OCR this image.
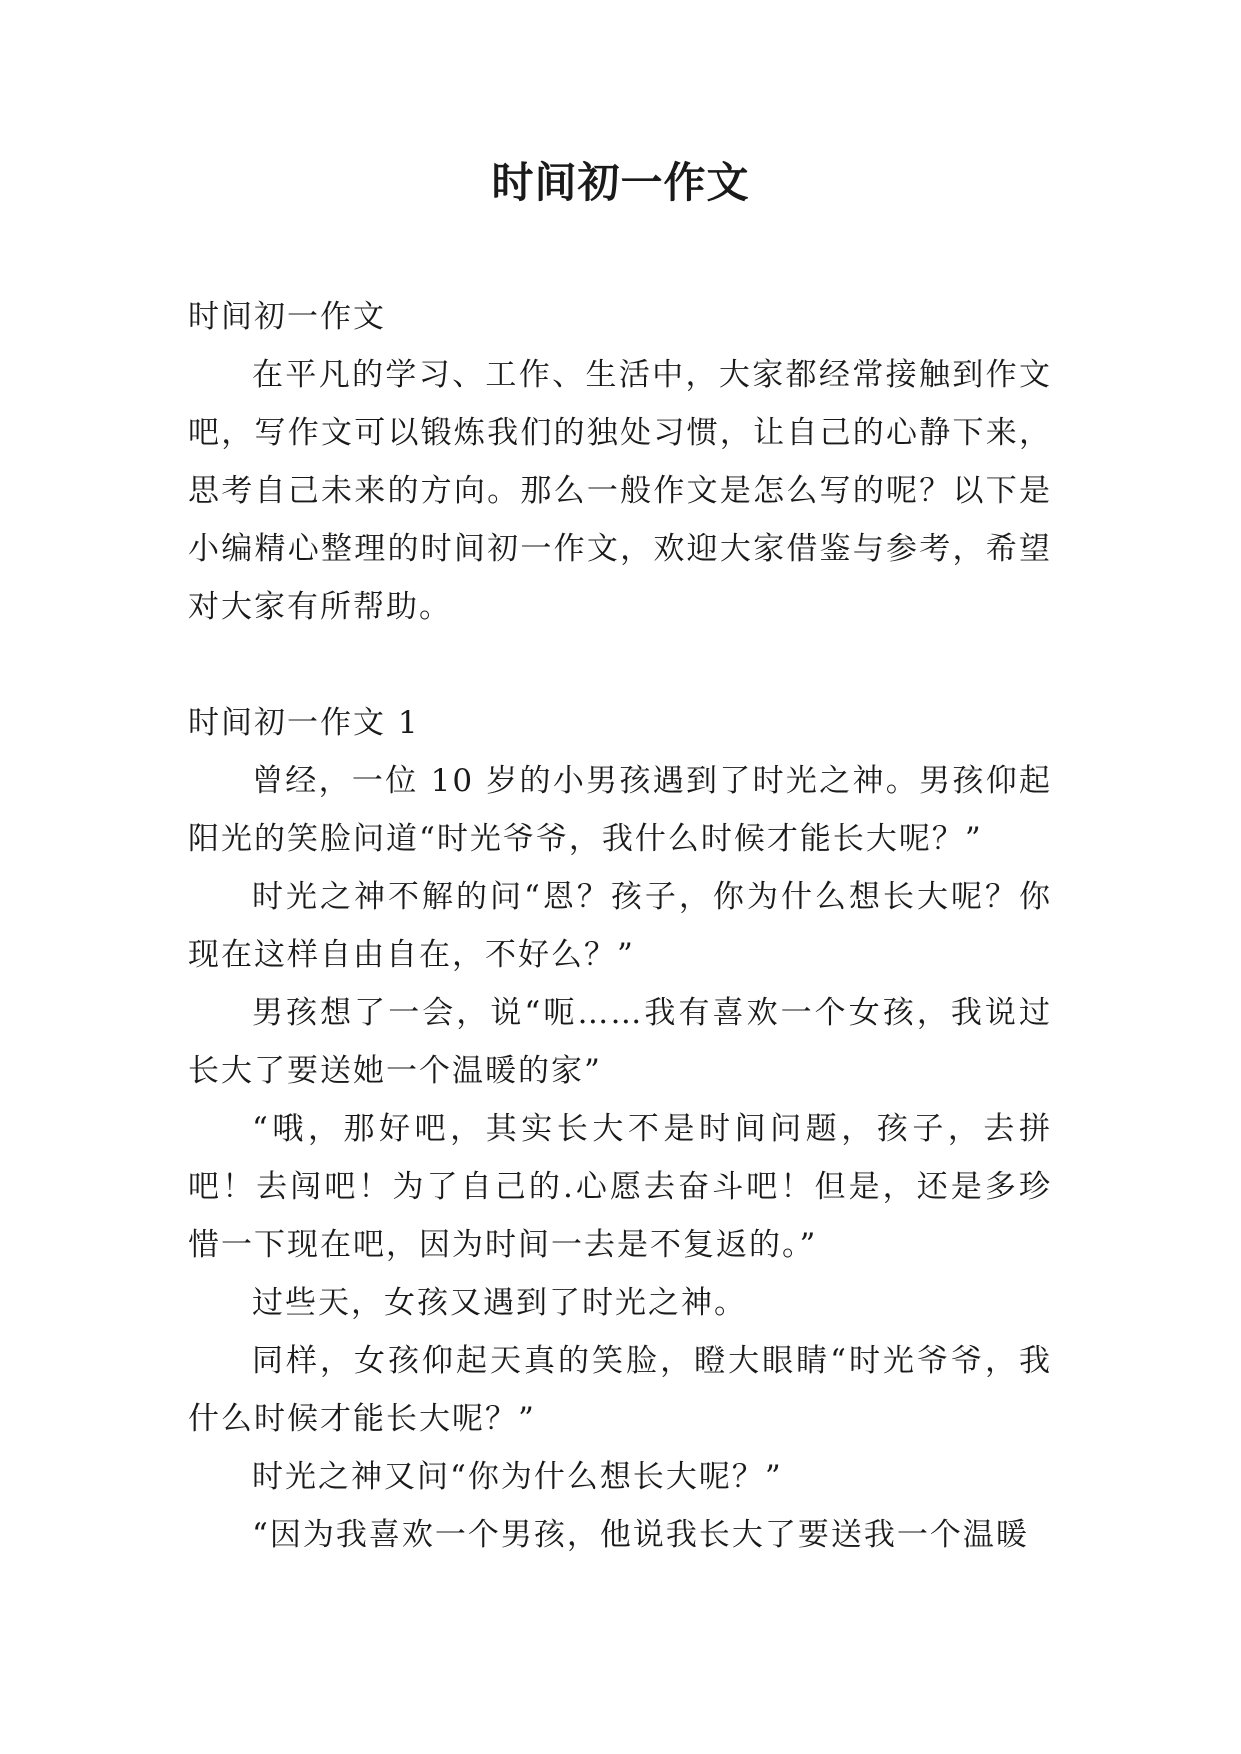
时间初一作文

时间初一作文

在平凡的学习、工作、生活中，大家都经常接触到作文吧，写作文可以锻炼我们的独处习惯，让自己的心静下来，思考自己未来的方向。那么一般作文是怎么写的呢？以下是小编精心整理的时间初一作文，欢迎大家借鉴与参考，希望对大家有所帮助。

时间初一作文 1

曾经，一位 10 岁的小男孩遇到了时光之神。男孩仰起阳光的笑脸问道“时光爷爷，我什么时候才能长大呢？”

时光之神不解的问“恩？孩子，你为什么想长大呢？你现在这样自由自在，不好么？”

男孩想了一会，说“呃……我有喜欢一个女孩，我说过长大了要送她一个温暖的家”

“哦，那好吧，其实长大不是时间问题，孩子，去拼吧！去闯吧！为了自己的.心愿去奋斗吧！但是，还是多珍惜一下现在吧，因为时间一去是不复返的。”

过些天，女孩又遇到了时光之神。

同样，女孩仰起天真的笑脸，瞪大眼睛“时光爷爷，我什么时候才能长大呢？”

时光之神又问“你为什么想长大呢？”

“因为我喜欢一个男孩，他说我长大了要送我一个温暖
